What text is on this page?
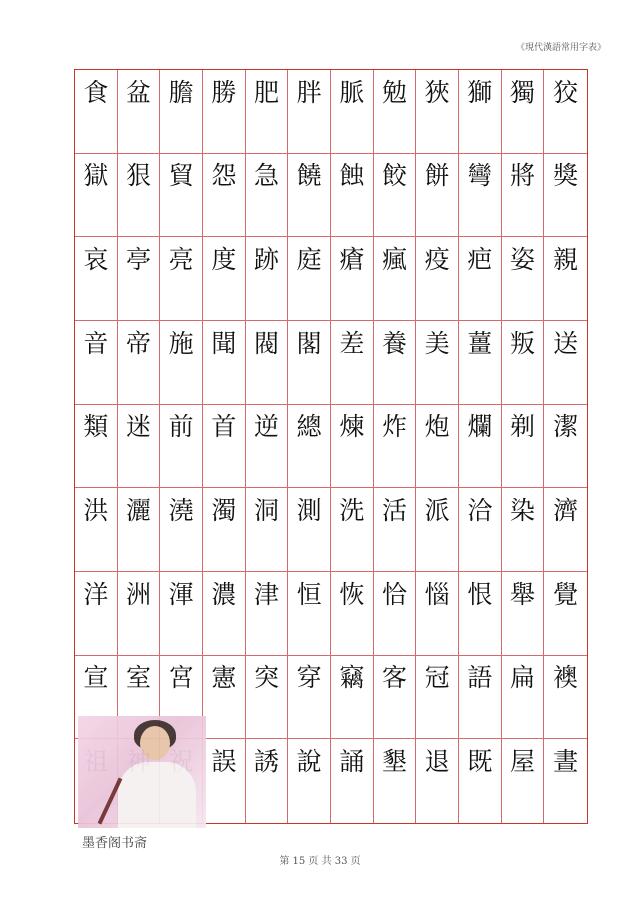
《現代漢語常用字表》
食 盆 膽 勝 肥 胖 脈 勉 狹 獅 獨 狡
獄 狠 貿 怨 急 饒 蝕 餃 餅 彎 將 獎
哀 亭 亮 度 跡 庭 瘡 瘋 疫 疤 姿 親
音 帝 施 聞 閥 閣 差 養 美 薑 叛 送
類 迷 前 首 逆 總 煉 炸 炮 爛 剃 潔
洪 灑 澆 濁 洞 測 洗 活 派 洽 染 濟
洋 洲 渾 濃 津 恒 恢 恰 惱 恨 舉 覺
宣 室 宮 憲 突 穿 竊 客 冠 語 扁 襖
誤 誘 說 誦 墾 退 既 屋 晝
墨香阁书斋
第 15 页 共 33 页
